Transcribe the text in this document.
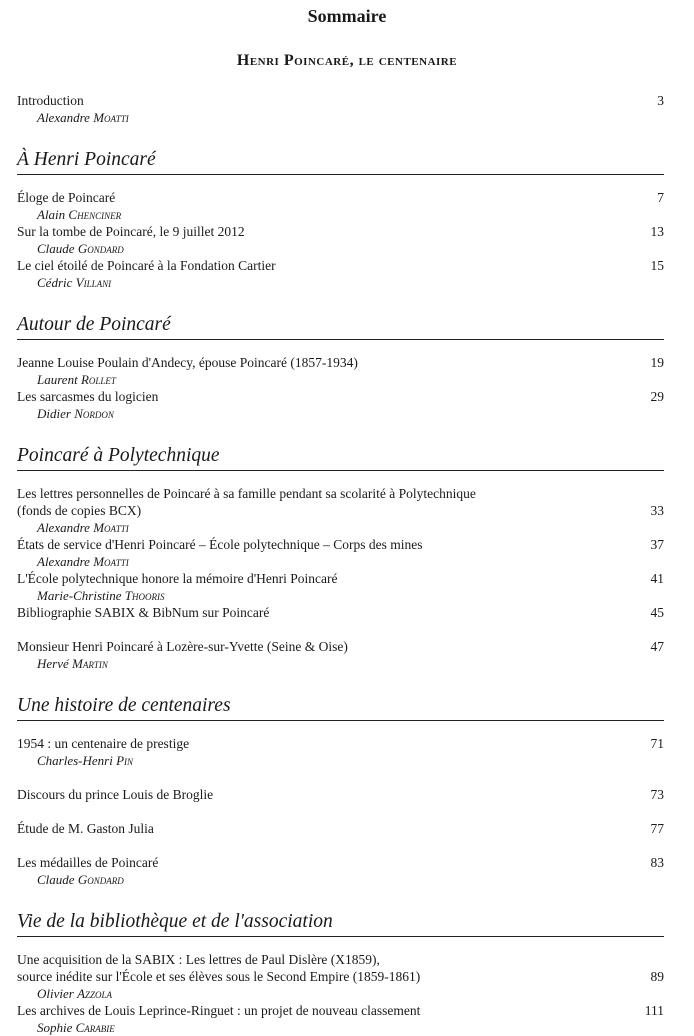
Sommaire
Henri Poincaré, le centenaire
Introduction	3
Alexandre Moatti
À Henri Poincaré
Éloge de Poincaré	7
Alain Chenciner
Sur la tombe de Poincaré, le 9 juillet 2012	13
Claude Gondard
Le ciel étoilé de Poincaré à la Fondation Cartier	15
Cédric Villani
Autour de Poincaré
Jeanne Louise Poulain d'Andecy, épouse Poincaré (1857-1934)	19
Laurent Rollet
Les sarcasmes du logicien	29
Didier Nordon
Poincaré à Polytechnique
Les lettres personnelles de Poincaré à sa famille pendant sa scolarité à Polytechnique
(fonds de copies BCX)	33
Alexandre Moatti
États de service d'Henri Poincaré – École polytechnique – Corps des mines	37
Alexandre Moatti
L'École polytechnique honore la mémoire d'Henri Poincaré	41
Marie-Christine Thooris
Bibliographie SABIX & BibNum sur Poincaré	45
Monsieur Henri Poincaré à Lozère-sur-Yvette (Seine & Oise)	47
Hervé Martin
Une histoire de centenaires
1954 : un centenaire de prestige	71
Charles-Henri Pin
Discours du prince Louis de Broglie	73
Étude de M. Gaston Julia	77
Les médailles de Poincaré	83
Claude Gondard
Vie de la bibliothèque et de l'association
Une acquisition de la SABIX : Les lettres de Paul Dislère (X1859),
source inédite sur l'École et ses élèves sous le Second Empire (1859-1861)	89
Olivier Azzola
Les archives de Louis Leprince-Ringuet : un projet de nouveau classement	111
Sophie Carabie
